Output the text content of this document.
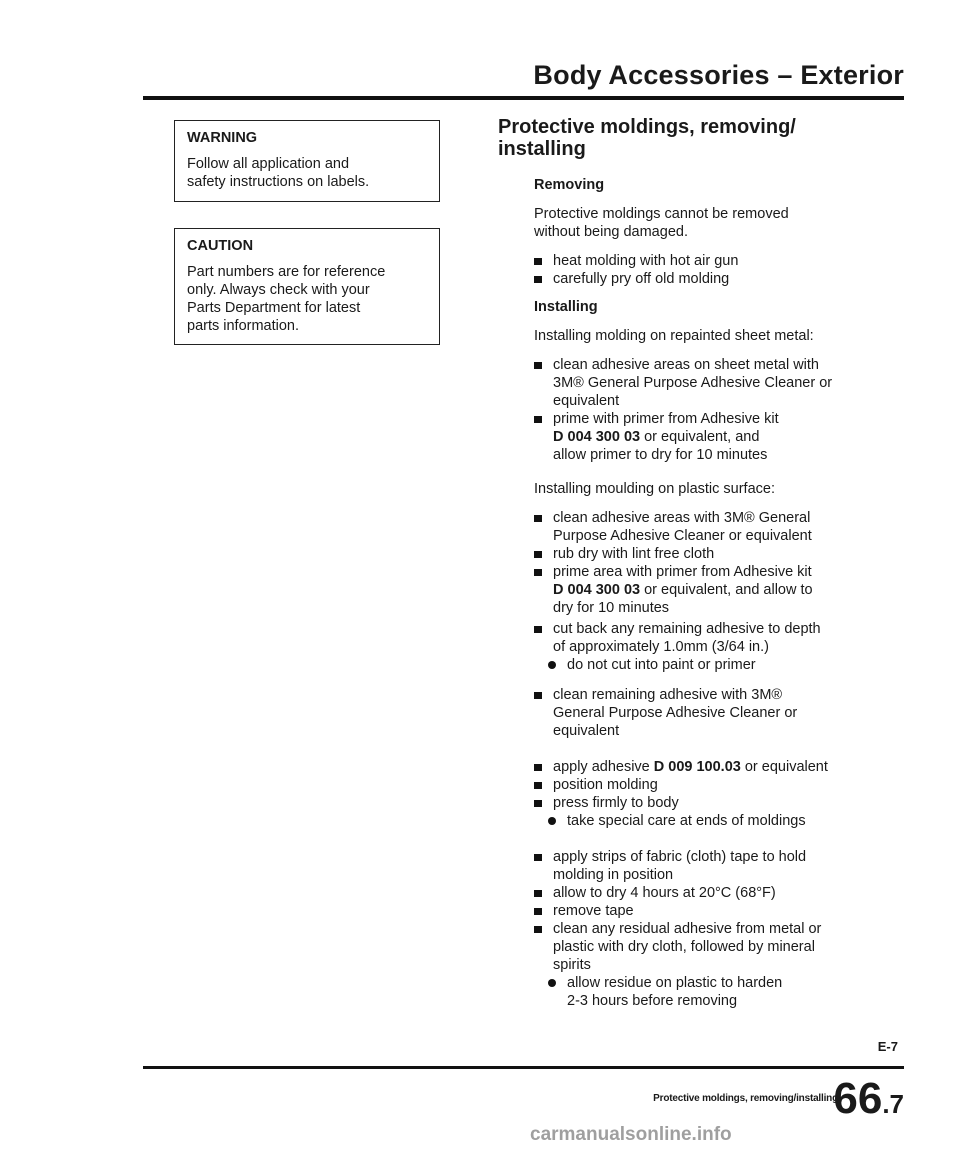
Body Accessories – Exterior
WARNING
Follow all application and
safety instructions on labels.
CAUTION
Part numbers are for reference
only. Always check with your
Parts Department for latest
parts information.
Protective moldings, removing/
installing
Removing

Protective moldings cannot be removed
without being damaged.

heat molding with hot air gun
carefully pry off old molding
Installing

Installing molding on repainted sheet metal:

clean adhesive areas on sheet metal with
3M® General Purpose Adhesive Cleaner or
equivalent
prime with primer from Adhesive kit
D 004 300 03 or equivalent, and
allow primer to dry for 10 minutes

Installing moulding on plastic surface:

clean adhesive areas with 3M® General
Purpose Adhesive Cleaner or equivalent
rub dry with lint free cloth
prime area with primer from Adhesive kit
D 004 300 03 or equivalent, and allow to
dry for 10 minutes
cut back any remaining adhesive to depth
of approximately 1.0mm (3/64 in.)
do not cut into paint or primer
clean remaining adhesive with 3M®
General Purpose Adhesive Cleaner or
equivalent
apply adhesive D 009 100.03 or equivalent
position molding
press firmly to body
take special care at ends of moldings
apply strips of fabric (cloth) tape to hold
molding in position
allow to dry 4 hours at 20°C (68°F)
remove tape
clean any residual adhesive from metal or
plastic with dry cloth, followed by mineral
spirits
allow residue on plastic to harden
2-3 hours before removing
E-7
Protective moldings, removing/installing
66.7
carmanualsonline.info
